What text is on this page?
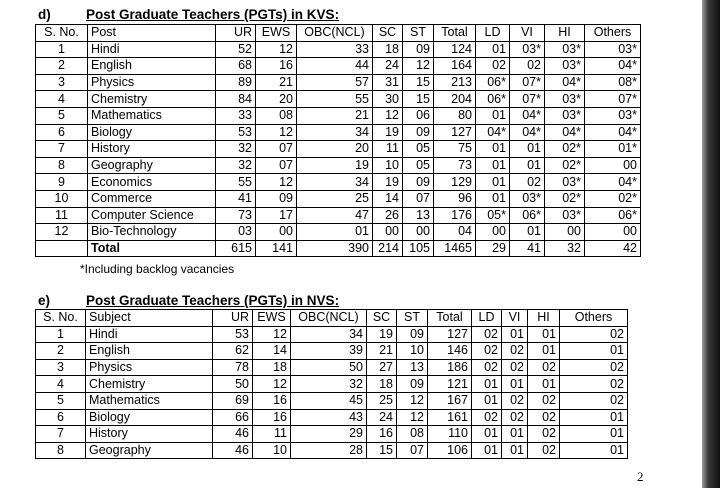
d)	Post Graduate Teachers (PGTs) in KVS:
S. No.	Post	UR	EWS	OBC(NCL)	SC	ST	Total	LD	VI	HI	Others
1	Hindi	52	12	33	18	09	124	01	03*	03*	03*
2	English	68	16	44	24	12	164	02	02	03*	04*
3	Physics	89	21	57	31	15	213	06*	07*	04*	08*
4	Chemistry	84	20	55	30	15	204	06*	07*	03*	07*
5	Mathematics	33	08	21	12	06	80	01	04*	03*	03*
6	Biology	53	12	34	19	09	127	04*	04*	04*	04*
7	History	32	07	20	11	05	75	01	01	02*	01*
8	Geography	32	07	19	10	05	73	01	01	02*	00
9	Economics	55	12	34	19	09	129	01	02	03*	04*
10	Commerce	41	09	25	14	07	96	01	03*	02*	02*
11	Computer Science	73	17	47	26	13	176	05*	06*	03*	06*
12	Bio-Technology	03	00	01	00	00	04	00	01	00	00
	Total	615	141	390	214	105	1465	29	41	32	42
*Including backlog vacancies
e)	Post Graduate Teachers (PGTs) in NVS:
S. No.	Subject	UR	EWS	OBC(NCL)	SC	ST	Total	LD	VI	HI	Others
1	Hindi	53	12	34	19	09	127	02	01	01	02
2	English	62	14	39	21	10	146	02	02	01	01
3	Physics	78	18	50	27	13	186	02	02	02	02
4	Chemistry	50	12	32	18	09	121	01	01	01	02
5	Mathematics	69	16	45	25	12	167	01	02	02	02
6	Biology	66	16	43	24	12	161	02	02	02	01
7	History	46	11	29	16	08	110	01	01	02	01
8	Geography	46	10	28	15	07	106	01	01	02	01
2
